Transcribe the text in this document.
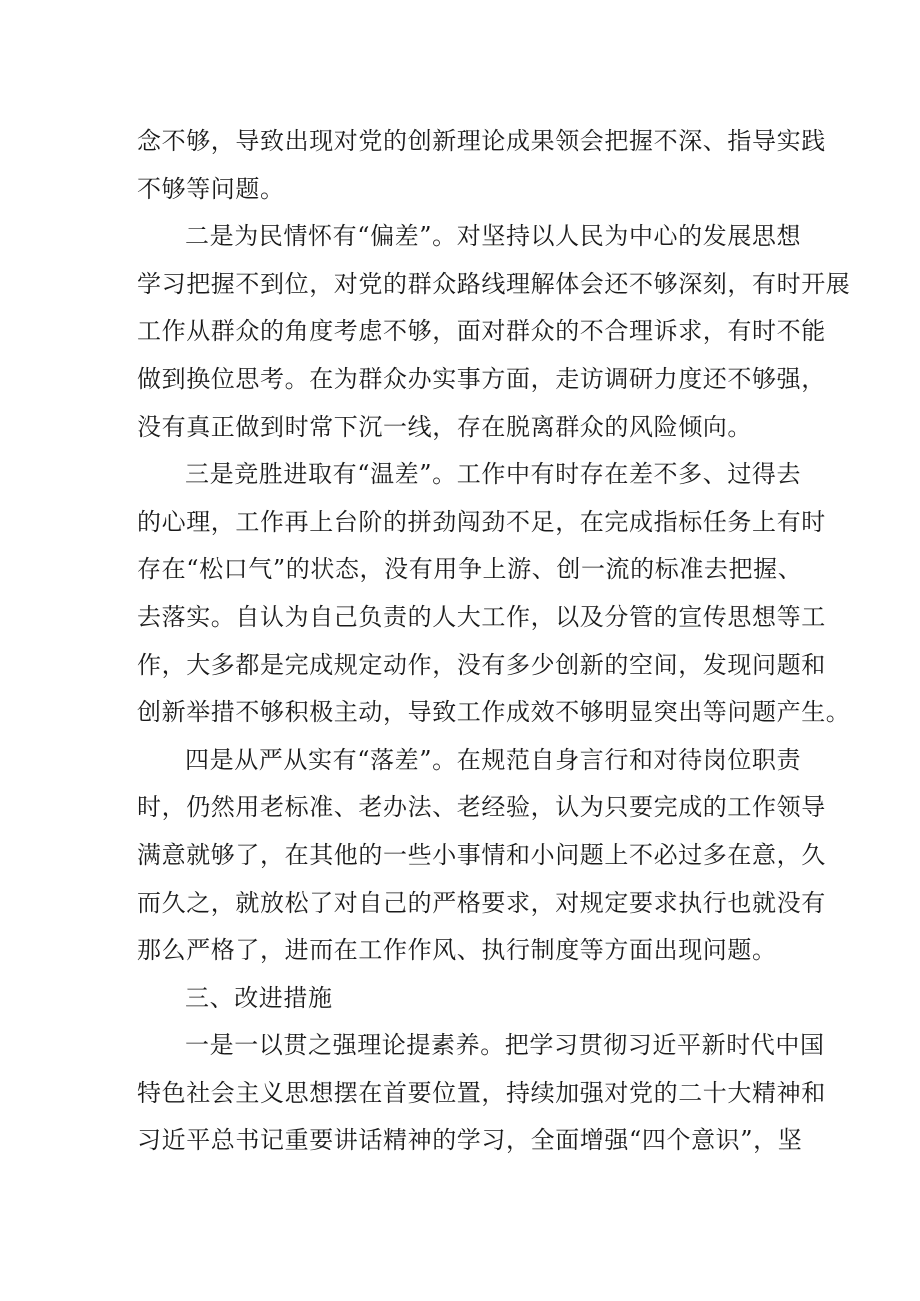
念不够，导致出现对党的创新理论成果领会把握不深、指导实践
不够等问题。

二是为民情怀有“偏差”。对坚持以人民为中心的发展思想
学习把握不到位，对党的群众路线理解体会还不够深刻，有时开展
工作从群众的角度考虑不够，面对群众的不合理诉求，有时不能
做到换位思考。在为群众办实事方面，走访调研力度还不够强，
没有真正做到时常下沉一线，存在脱离群众的风险倾向。

三是竞胜进取有“温差”。工作中有时存在差不多、过得去
的心理，工作再上台阶的拼劲闯劲不足，在完成指标任务上有时
存在“松口气”的状态，没有用争上游、创一流的标准去把握、
去落实。自认为自己负责的人大工作，以及分管的宣传思想等工
作，大多都是完成规定动作，没有多少创新的空间，发现问题和
创新举措不够积极主动，导致工作成效不够明显突出等问题产生。

四是从严从实有“落差”。在规范自身言行和对待岗位职责
时，仍然用老标准、老办法、老经验，认为只要完成的工作领导
满意就够了，在其他的一些小事情和小问题上不必过多在意，久
而久之，就放松了对自己的严格要求，对规定要求执行也就没有
那么严格了，进而在工作作风、执行制度等方面出现问题。

三、改进措施

一是一以贯之强理论提素养。把学习贯彻习近平新时代中国
特色社会主义思想摆在首要位置，持续加强对党的二十大精神和
习近平总书记重要讲话精神的学习，全面增强“四个意识”，坚
